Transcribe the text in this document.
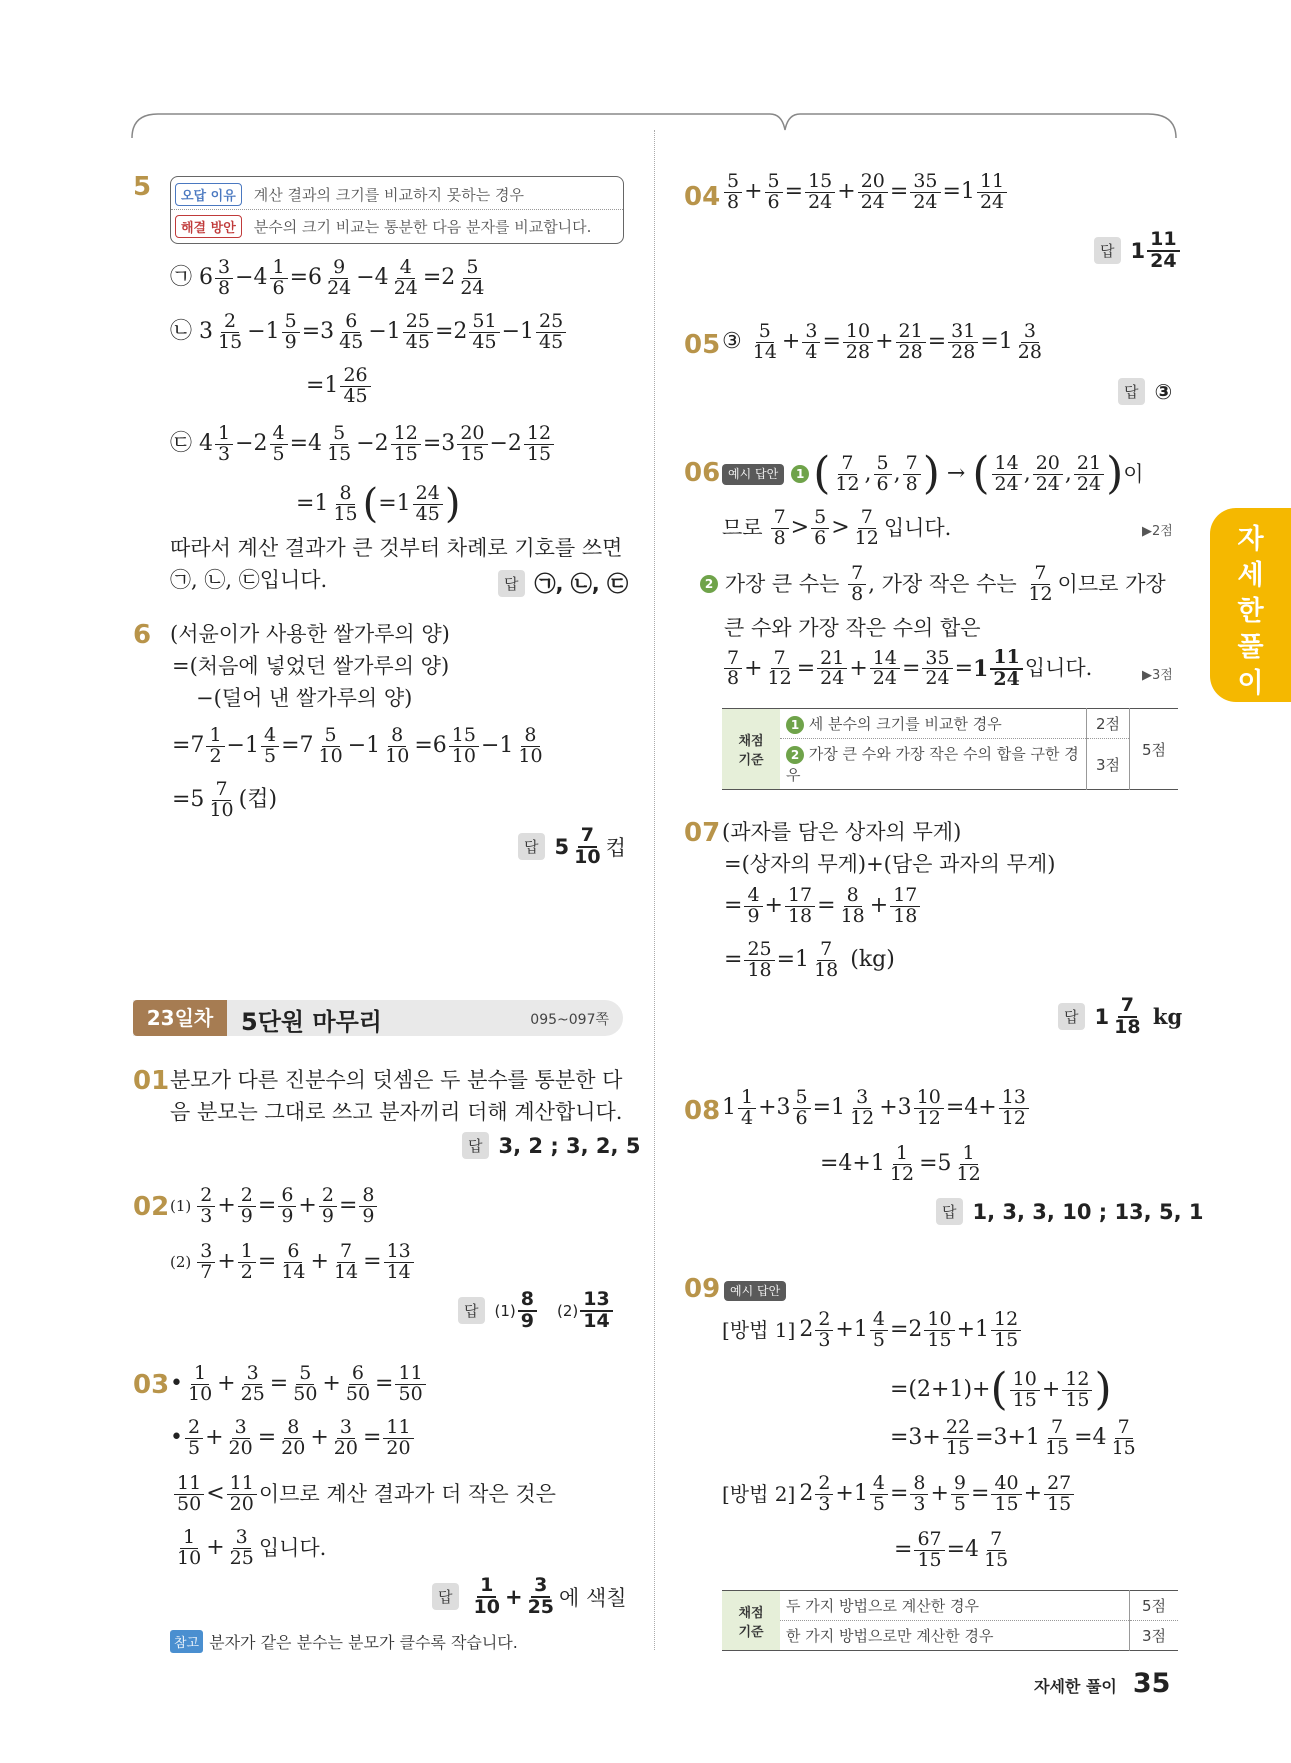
자세한 풀이
5	오답 이유	계산 결과의 크기를 비교하지 못하는 경우
해결 방안	분수의 크기 비교는 통분한 다음 분자를 비교합니다.
㉠ $6 \frac{3}{8} -4 \frac{1}{6} =6 \frac{9}{24} -4 \frac{4}{24} =2 \frac{5}{24}$
㉡ $3 \frac{2}{15} -1 \frac{5}{9} =3 \frac{6}{45} -1 \frac{25}{45} =2 \frac{51}{45} -1 \frac{25}{45}$
$=1 \frac{26}{45}$
㉢ $4 \frac{1}{3} -2 \frac{4}{5} =4 \frac{5}{15} -2 \frac{12}{15} =3 \frac{20}{15} -2 \frac{12}{15}$
$=1 \frac{8}{15}$ ( $=1 \frac{24}{45}$ )
따라서 계산 결과가 큰 것부터 차례로 기호를 쓰면
㉠, ㉡, ㉢입니다.	답 ㉠, ㉡, ㉢
6 (서윤이가 사용한 쌀가루의 양)
=(처음에 넣었던 쌀가루의 양)
−(덜어 낸 쌀가루의 양)
$=7 \frac{1}{2} -1 \frac{4}{5} =7 \frac{5}{10} -1 \frac{8}{10} =6 \frac{15}{10} -1 \frac{8}{10}$
$=5 \frac{7}{10}$ (컵)
답 $5 \frac{7}{10}$ 컵
23일차	5단원 마무리	095~097쪽
01 분모가 다른 진분수의 덧셈은 두 분수를 통분한 다
음 분모는 그대로 쓰고 분자끼리 더해 계산합니다.
답 3, 2 ; 3, 2, 5
02 $(1) \frac{2}{3} + \frac{2}{9} = \frac{6}{9} + \frac{2}{9} = \frac{8}{9}$
$(2) \frac{3}{7} + \frac{1}{2} = \frac{6}{14} + \frac{7}{14} = \frac{13}{14}$
답	$(1) \frac{8}{9} (2) \frac{13}{14}$
03 • $\frac{1}{10} + \frac{3}{25} = \frac{5}{50} + \frac{6}{50} = \frac{11}{50}$
• $\frac{2}{5} + \frac{3}{20} = \frac{8}{20} + \frac{3}{20} = \frac{11}{20}$
$\frac{11}{50} < \frac{11}{20}$ 이므로 계산 결과가 더 작은 것은
$\frac{1}{10} + \frac{3}{25}$ 입니다.
답 $\frac{1}{10} + \frac{3}{25}$ 에 색칠
참고 분자가 같은 분수는 분모가 클수록 작습니다.
$04 \frac{5}{8} + \frac{5}{6} = \frac{15}{24} + \frac{20}{24} = \frac{35}{24} =1 \frac{11}{24}$
답 $1 \frac{11}{24}$
05 ③ $\frac{5}{14} + \frac{3}{4} = \frac{10}{28} + \frac{21}{28} = \frac{31}{28} =1 \frac{3}{28}$
답 ③
06 예시 답안
	1 ( $\frac{7}{12}$ , $\frac{5}{6}$ , $\frac{7}{8}$ ) → ( $\frac{14}{24}$ , $\frac{20}{24}$ , $\frac{21}{24}$ ) 이
므로 $\frac{7}{8} > \frac{5}{6} > \frac{7}{12}$ 입니다.	▶2점
2
가장 큰 수는
$\frac{7}{8}$ , 가장 작은 수는
$\frac{7}{12}$ 이므로 가장
큰 수와 가장 작은 수의 합은
$\frac{7}{8} + \frac{7}{12} = \frac{21}{24} + \frac{14}{24} = \frac{35}{24} = 1 \frac{11}{24}$ 입니다.	▶3점
채점
기준	1 세 분수의 크기를 비교한 경우	2점	5점
	2 가장 큰 수와 가장 작은 수의 합을 구한 경우	3점	
07 (과자를 담은 상자의 무게)
=(상자의 무게)+(담은 과자의 무게)
= $\frac{4}{9} + \frac{17}{18} = \frac{8}{18} + \frac{17}{18}$
= $\frac{25}{18} =1 \frac{7}{18}$
(kg)
답 $1 \frac{7}{18}$
kg
08 $1 \frac{1}{4} +3 \frac{5}{6} =1 \frac{3}{12} +3 \frac{10}{12} =4+ \frac{13}{12}$
$=4+1 \frac{1}{12} =5 \frac{1}{12}$
답 1, 3, 3, 10 ; 13, 5, 1
09 예시 답안
[방법 1] $2 \frac{2}{3} +1 \frac{4}{5} =2 \frac{10}{15} +1 \frac{12}{15}$
=(2+1)+ ( $\frac{10}{15} + \frac{12}{15}$ )
$=3+ \frac{22}{15} =3+1 \frac{7}{15} =4 \frac{7}{15}$
[방법 2] $2 \frac{2}{3} +1 \frac{4}{5} = \frac{8}{3} + \frac{9}{5} = \frac{40}{15} + \frac{27}{15}$
= $\frac{67}{15} =4 \frac{7}{15}$
채점
기준	두 가지 방법으로 계산한 경우	5점
	한 가지 방법으로만 계산한 경우	3점
자세한 풀이 35
